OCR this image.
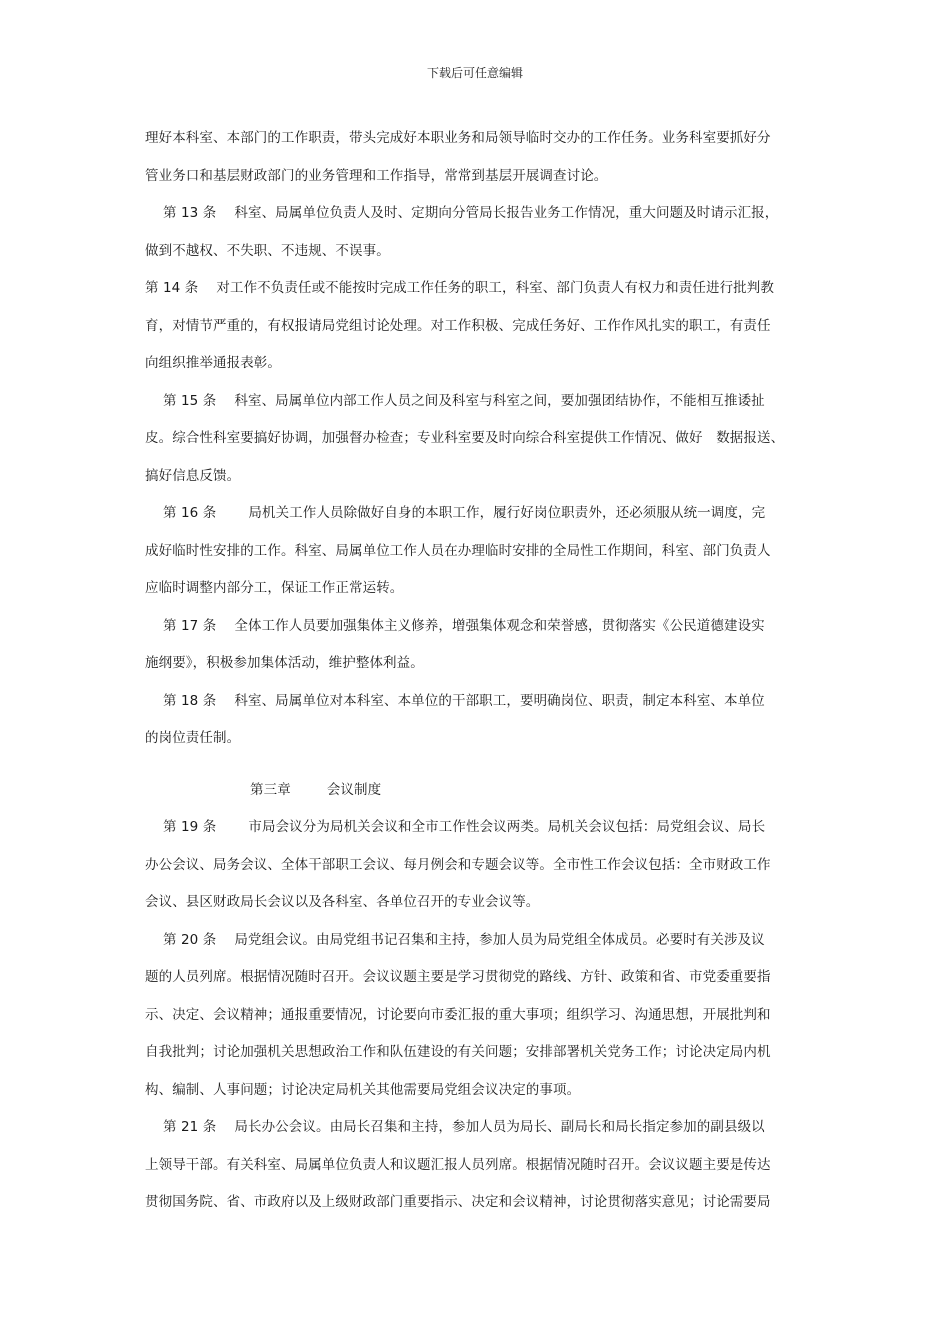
下载后可任意编辑
理好本科室、本部门的工作职责，带头完成好本职业务和局领导临时交办的工作任务。业务科室要抓好分
管业务口和基层财政部门的业务管理和工作指导，常常到基层开展调查讨论。
第 13 条 科室、局属单位负责人及时、定期向分管局长报告业务工作情况，重大问题及时请示汇报，
做到不越权、不失职、不违规、不误事。
第 14 条 对工作不负责任或不能按时完成工作任务的职工，科室、部门负责人有权力和责任进行批判教
育，对情节严重的，有权报请局党组讨论处理。对工作积极、完成任务好、工作作风扎实的职工，有责任
向组织推举通报表彰。
第 15 条 科室、局属单位内部工作人员之间及科室与科室之间，要加强团结协作，不能相互推诿扯
皮。综合性科室要搞好协调，加强督办检查；专业科室要及时向综合科室提供工作情况、做好　数据报送、
搞好信息反馈。
第 16 条 局机关工作人员除做好自身的本职工作，履行好岗位职责外，还必须服从统一调度，完
成好临时性安排的工作。科室、局属单位工作人员在办理临时安排的全局性工作期间，科室、部门负责人
应临时调整内部分工，保证工作正常运转。
第 17 条 全体工作人员要加强集体主义修养，增强集体观念和荣誉感，贯彻落实《公民道德建设实
施纲要》，积极参加集体活动，维护整体利益。
第 18 条 科室、局属单位对本科室、本单位的干部职工，要明确岗位、职责，制定本科室、本单位
的岗位责任制。
第三章	会议制度
第 19 条 市局会议分为局机关会议和全市工作性会议两类。局机关会议包括：局党组会议、局长
办公会议、局务会议、全体干部职工会议、每月例会和专题会议等。全市性工作会议包括：全市财政工作
会议、县区财政局长会议以及各科室、各单位召开的专业会议等。
第 20 条 局党组会议。由局党组书记召集和主持，参加人员为局党组全体成员。必要时有关涉及议
题的人员列席。根据情况随时召开。会议议题主要是学习贯彻党的路线、方针、政策和省、市党委重要指
示、决定、会议精神；通报重要情况，讨论要向市委汇报的重大事项；组织学习、沟通思想，开展批判和
自我批判；讨论加强机关思想政治工作和队伍建设的有关问题；安排部署机关党务工作；讨论决定局内机
构、编制、人事问题；讨论决定局机关其他需要局党组会议决定的事项。
第 21 条 局长办公会议。由局长召集和主持，参加人员为局长、副局长和局长指定参加的副县级以
上领导干部。有关科室、局属单位负责人和议题汇报人员列席。根据情况随时召开。会议议题主要是传达
贯彻国务院、省、市政府以及上级财政部门重要指示、决定和会议精神，讨论贯彻落实意见；讨论需要局
